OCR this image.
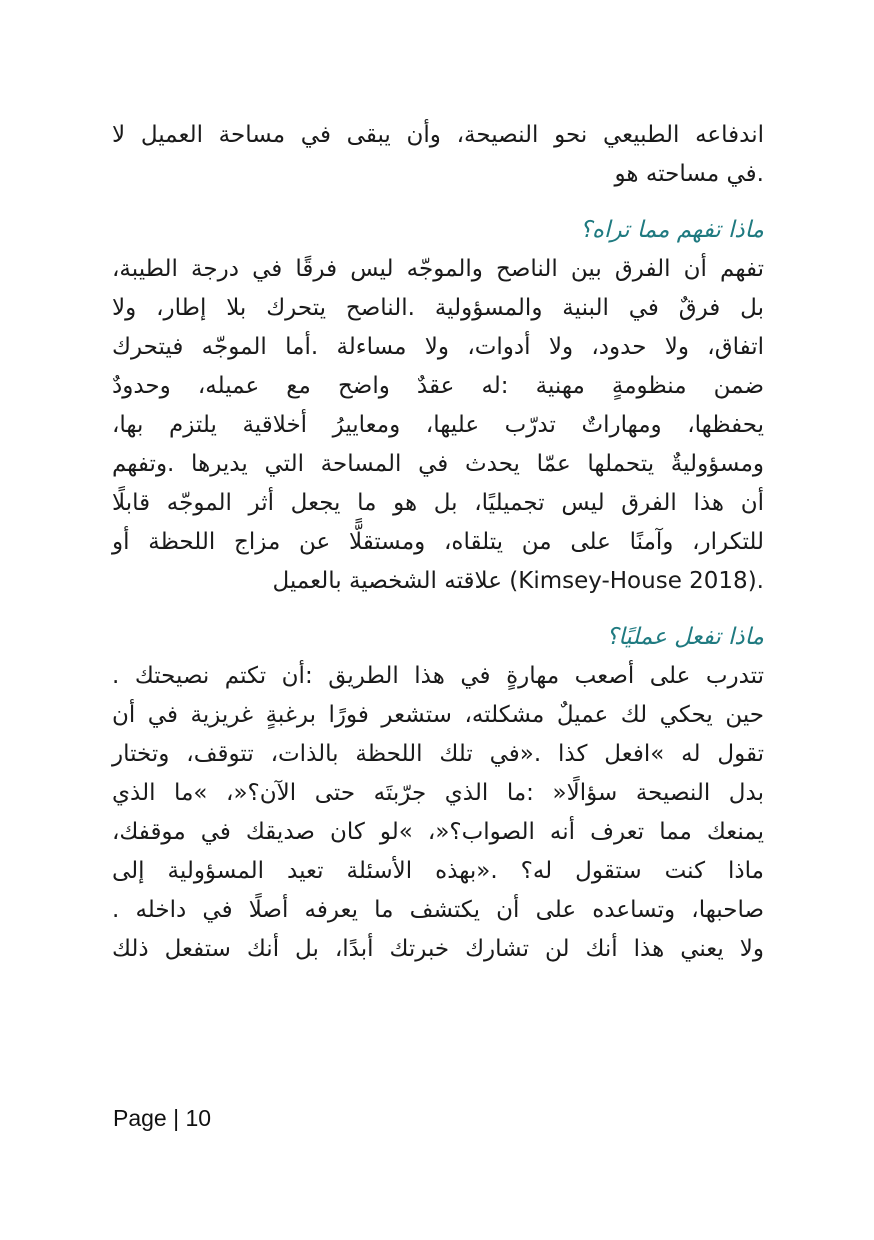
اندفاعه الطبيعي نحو النصيحة، وأن يبقى في مساحة العميل لا
.في مساحته هو
ماذا تفهم مما تراه؟
تفهم أن الفرق بين الناصح والموجّه ليس فرقًا في درجة الطيبة،
بل فرقٌ في البنية والمسؤولية .الناصح يتحرك بلا إطار، ولا
اتفاق، ولا حدود، ولا أدوات، ولا مساءلة .أما الموجّه فيتحرك
ضمن منظومةٍ مهنية :له عقدٌ واضح مع عميله، وحدودٌ
يحفظها، ومهاراتٌ تدرّب عليها، ومعاييرُ أخلاقية يلتزم بها،
ومسؤوليةٌ يتحملها عمّا يحدث في المساحة التي يديرها .وتفهم
أن هذا الفرق ليس تجميليًا، بل هو ما يجعل أثر الموجّه قابلًا
للتكرار، وآمنًا على من يتلقاه، ومستقلًّا عن مزاج اللحظة أو
.(Kimsey-House 2018) علاقته الشخصية بالعميل
ماذا تفعل عمليًا؟
تتدرب على أصعب مهارةٍ في هذا الطريق :أن تكتم نصيحتك .
حين يحكي لك عميلٌ مشكلته، ستشعر فورًا برغبةٍ غريزية في أن
تقول له »افعل كذا .«في تلك اللحظة بالذات، تتوقف، وتختار
بدل النصيحة سؤالًا« :ما الذي جرّبتَه حتى الآن؟«، »ما الذي
يمنعك مما تعرف أنه الصواب؟«، »لو كان صديقك في موقفك،
ماذا كنت ستقول له؟ .«بهذه الأسئلة تعيد المسؤولية إلى
صاحبها، وتساعده على أن يكتشف ما يعرفه أصلًا في داخله .
ولا يعني هذا أنك لن تشارك خبرتك أبدًا، بل أنك ستفعل ذلك
Page | 10
